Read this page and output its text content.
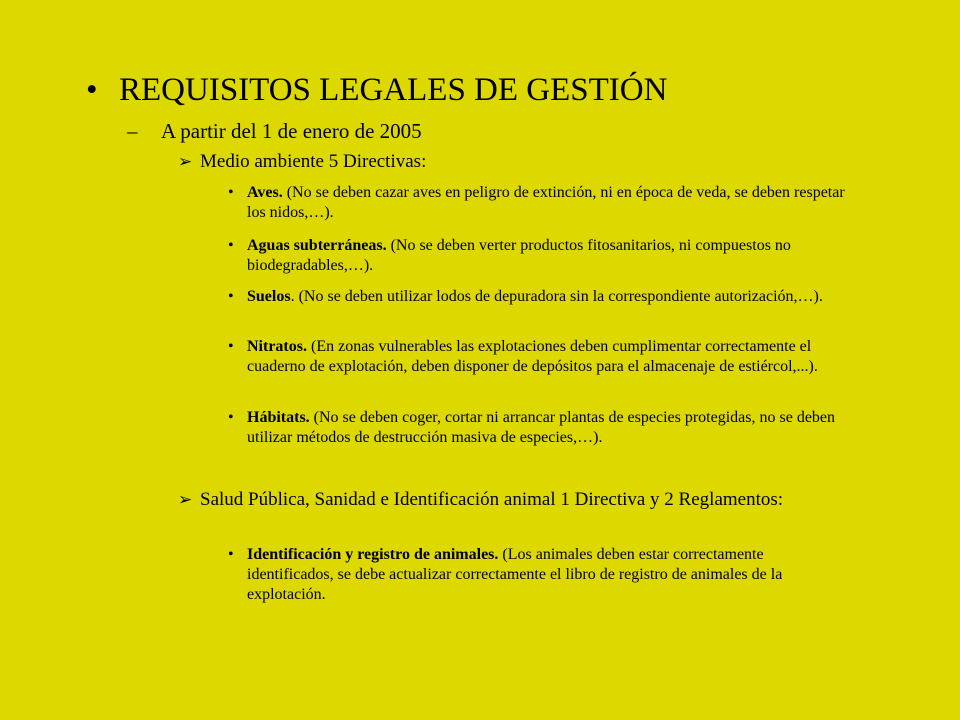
• REQUISITOS LEGALES DE GESTIÓN
– A partir del 1 de enero de 2005
➢ Medio ambiente 5 Directivas:
• Aves. (No se deben cazar aves en peligro de extinción, ni en época de veda, se deben respetar los nidos,…).
• Aguas subterráneas. (No se deben verter productos fitosanitarios, ni compuestos no biodegradables,…).
• Suelos. (No se deben utilizar lodos de depuradora sin la correspondiente autorización,…).
• Nitratos. (En zonas vulnerables las explotaciones deben cumplimentar correctamente el cuaderno de explotación, deben disponer de depósitos para el almacenaje de estiércol,...).
• Hábitats. (No se deben coger, cortar ni arrancar plantas de especies protegidas, no se deben utilizar métodos de destrucción masiva de especies,…).
➢ Salud Pública, Sanidad e Identificación animal 1 Directiva y 2 Reglamentos:
• Identificación y registro de animales. (Los animales deben estar correctamente identificados, se debe actualizar correctamente el libro de registro de animales de la explotación.
